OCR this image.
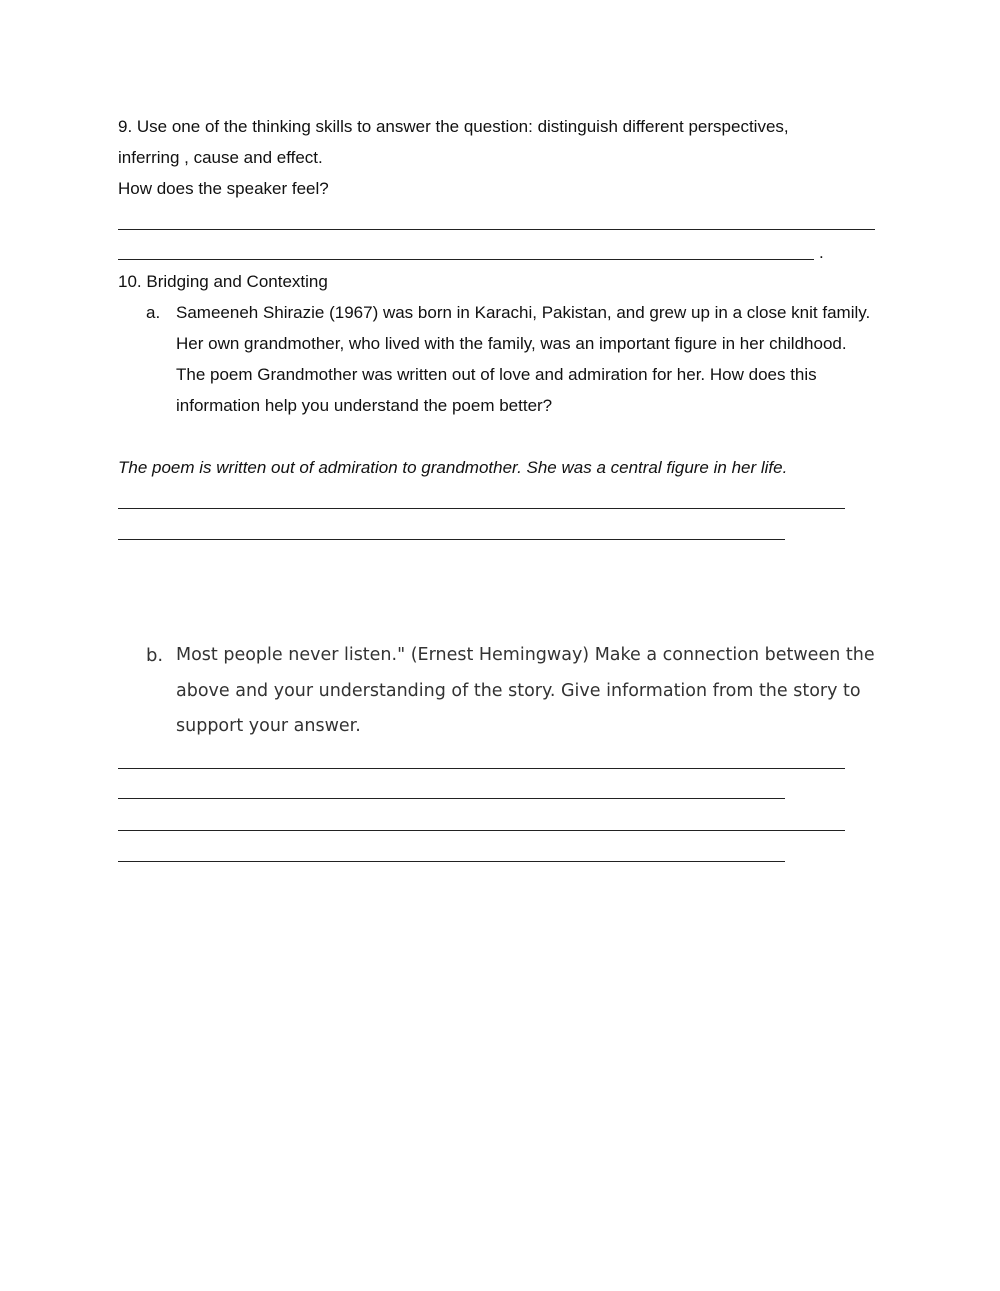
9. Use one of the thinking skills to answer the question: distinguish different perspectives,
inferring , cause and effect.
How does the speaker feel?
.
10. Bridging and Contexting
a. Sameeneh Shirazie (1967) was born in Karachi, Pakistan, and grew up in a close knit family. Her own grandmother, who lived with the family, was an important figure in her childhood. The poem Grandmother was written out of love and admiration for her. How does this information help you understand the poem better?
The poem is written out of admiration to grandmother. She was a central figure in her life.
b. Most people never listen." (Ernest Hemingway) Make a connection between the above and your understanding of the story. Give information from the story to support your answer.
